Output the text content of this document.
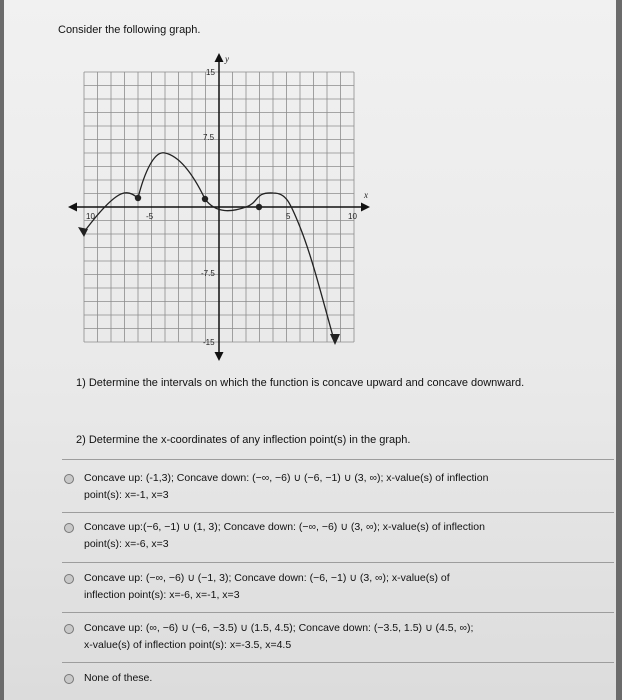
Consider the following graph.
x
y
10	-5	5	10
15
7.5
-7.5
-15
1) Determine the intervals on which the function is concave upward and concave downward.
2) Determine the x-coordinates of any inflection point(s) in the graph.
Concave up: (-1,3); Concave down: (−∞, −6) ∪ (−6, −1) ∪ (3, ∞); x-value(s) of inflection
point(s): x=-1, x=3
Concave up:(−6, −1) ∪ (1, 3); Concave down: (−∞, −6) ∪ (3, ∞); x-value(s) of inflection
point(s): x=-6, x=3
Concave up: (−∞, −6) ∪ (−1, 3); Concave down: (−6, −1) ∪ (3, ∞); x-value(s) of
inflection point(s): x=-6, x=-1, x=3
Concave up: (∞, −6) ∪ (−6, −3.5) ∪ (1.5, 4.5); Concave down: (−3.5, 1.5) ∪ (4.5, ∞);
x-value(s) of inflection point(s): x=-3.5, x=4.5
None of these.
